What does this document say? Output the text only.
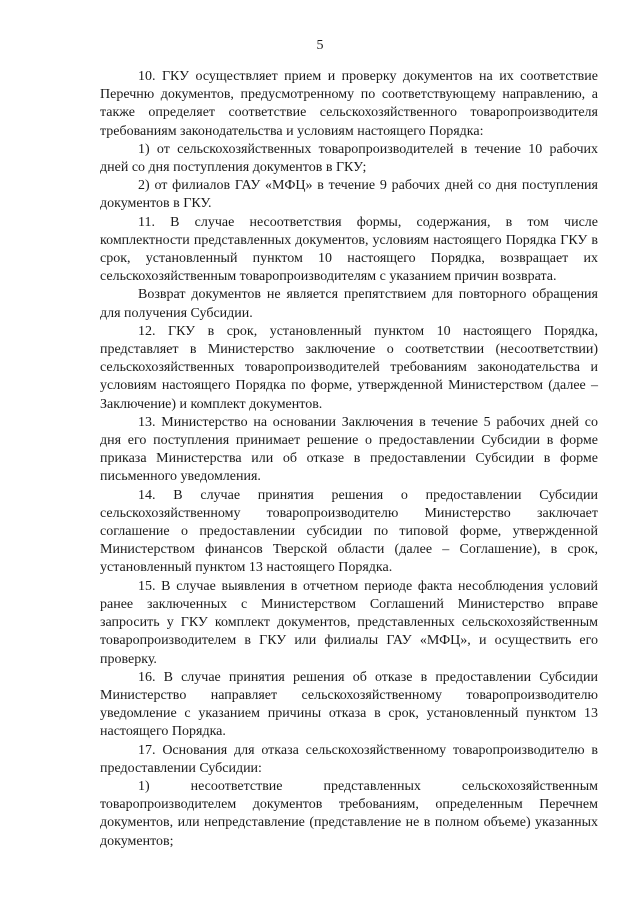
5

10. ГКУ осуществляет прием и проверку документов на их соответствие Перечню документов, предусмотренному по соответствующему направлению, а также определяет соответствие сельскохозяйственного товаропроизводителя требованиям законодательства и условиям настоящего Порядка:

1) от сельскохозяйственных товаропроизводителей в течение 10 рабочих дней со дня поступления документов в ГКУ;

2) от филиалов ГАУ «МФЦ» в течение 9 рабочих дней со дня поступления документов в ГКУ.

11. В случае несоответствия формы, содержания, в том числе комплектности представленных документов, условиям настоящего Порядка ГКУ в срок, установленный пунктом 10 настоящего Порядка, возвращает их сельскохозяйственным товаропроизводителям с указанием причин возврата.

Возврат документов не является препятствием для повторного обращения для получения Субсидии.

12. ГКУ в срок, установленный пунктом 10 настоящего Порядка, представляет в Министерство заключение о соответствии (несоответствии) сельскохозяйственных товаропроизводителей требованиям законодательства и условиям настоящего Порядка по форме, утвержденной Министерством (далее – Заключение) и комплект документов.

13. Министерство на основании Заключения в течение 5 рабочих дней со дня его поступления принимает решение о предоставлении Субсидии в форме приказа Министерства или об отказе в предоставлении Субсидии в форме письменного уведомления.

14. В случае принятия решения о предоставлении Субсидии сельскохозяйственному товаропроизводителю Министерство заключает соглашение о предоставлении субсидии по типовой форме, утвержденной Министерством финансов Тверской области (далее – Соглашение), в срок, установленный пунктом 13 настоящего Порядка.

15. В случае выявления в отчетном периоде факта несоблюдения условий ранее заключенных с Министерством Соглашений Министерство вправе запросить у ГКУ комплект документов, представленных сельскохозяйственным товаропроизводителем в ГКУ или филиалы ГАУ «МФЦ», и осуществить его проверку.

16. В случае принятия решения об отказе в предоставлении Субсидии Министерство направляет сельскохозяйственному товаропроизводителю уведомление с указанием причины отказа в срок, установленный пунктом 13 настоящего Порядка.

17. Основания для отказа сельскохозяйственному товаропроизводителю в предоставлении Субсидии:

1) несоответствие представленных сельскохозяйственным товаропроизводителем документов требованиям, определенным Перечнем документов, или непредставление (представление не в полном объеме) указанных документов;
